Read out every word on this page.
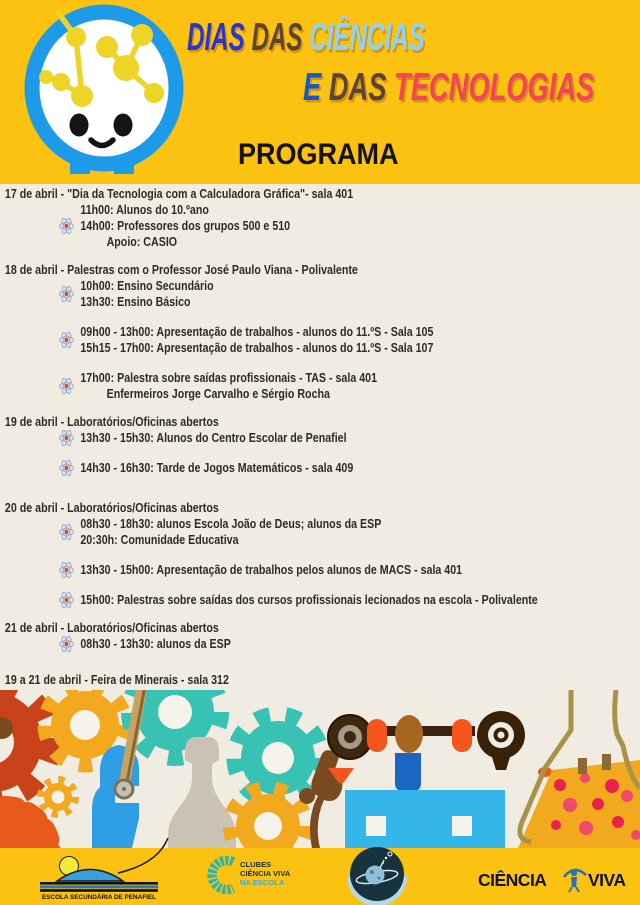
DIAS DAS CIÊNCIAS
E DAS TECNOLOGIAS
PROGRAMA
17 de abril - "Dia da Tecnologia com a Calculadora Gráfica"- sala 401
11h00: Alunos do 10.ºano
14h00: Professores dos grupos 500 e 510
Apoio: CASIO
18 de abril - Palestras com o Professor José Paulo Viana - Polivalente
10h00: Ensino Secundário
13h30: Ensino Básico
09h00 - 13h00: Apresentação de trabalhos - alunos do 11.ºS - Sala 105
15h15 - 17h00: Apresentação de trabalhos - alunos do 11.ºS - Sala 107
17h00: Palestra sobre saídas profissionais - TAS - sala 401
Enfermeiros Jorge Carvalho e Sérgio Rocha
19 de abril - Laboratórios/Oficinas abertos
13h30 - 15h30: Alunos do Centro Escolar de Penafiel
14h30 - 16h30: Tarde de Jogos Matemáticos - sala 409
20 de abril - Laboratórios/Oficinas abertos
08h30 - 18h30: alunos Escola João de Deus; alunos da ESP
20:30h: Comunidade Educativa
13h30 - 15h00: Apresentação de trabalhos pelos alunos de MACS - sala 401
15h00: Palestras sobre saídas dos cursos profissionais lecionados na escola - Polivalente
21 de abril - Laboratórios/Oficinas abertos
08h30 - 13h30: alunos da ESP
19 a 21 de abril - Feira de Minerais - sala 312
ESCOLA SECUNDÁRIA DE PENAFIEL
CLUBES
CIÊNCIA VIVA
NA ESCOLA	CIÊNCIA VIVA
